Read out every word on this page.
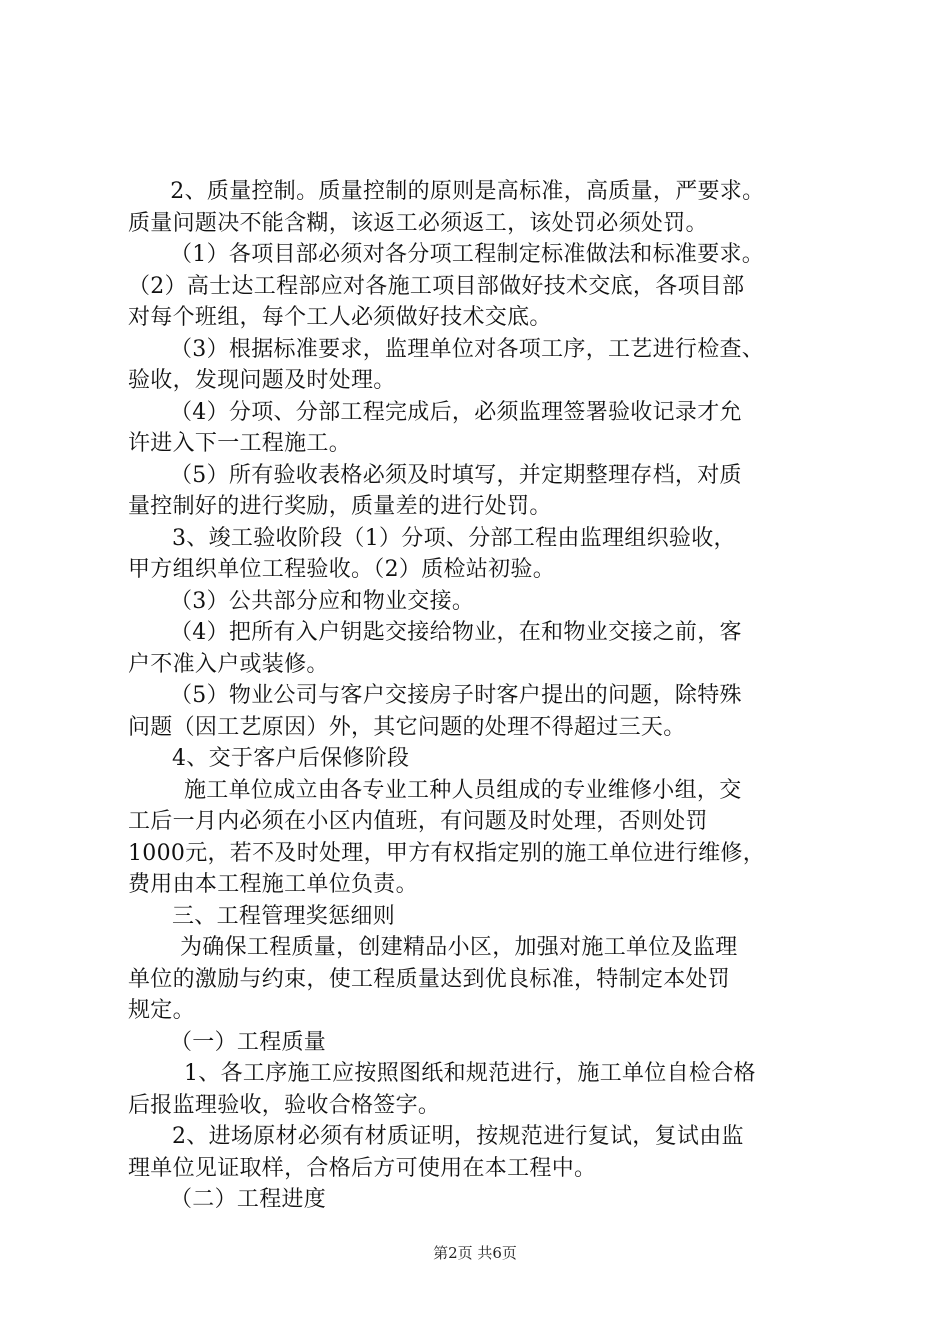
　2、质量控制。质量控制的原则是高标准，高质量，严要求。
质量问题决不能含糊，该返工必须返工，该处罚必须处罚。
（1）各项目部必须对各分项工程制定标准做法和标准要求。
（2）高士达工程部应对各施工项目部做好技术交底，各项目部
对每个班组，每个工人必须做好技术交底。
（3）根据标准要求，监理单位对各项工序，工艺进行检查、
验收，发现问题及时处理。
（4）分项、分部工程完成后，必须监理签署验收记录才允
许进入下一工程施工。
（5）所有验收表格必须及时填写，并定期整理存档，对质
量控制好的进行奖励，质量差的进行处罚。
3、竣工验收阶段（1）分项、分部工程由监理组织验收，
甲方组织单位工程验收。（2）质检站初验。
（3）公共部分应和物业交接。
（4）把所有入户钥匙交接给物业，在和物业交接之前，客
户不准入户或装修。
（5）物业公司与客户交接房子时客户提出的问题，除特殊
问题（因工艺原因）外，其它问题的处理不得超过三天。
4、交于客户后保修阶段
施工单位成立由各专业工种人员组成的专业维修小组，交
工后一月内必须在小区内值班，有问题及时处理，否则处罚
1000元，若不及时处理，甲方有权指定别的施工单位进行维修，
费用由本工程施工单位负责。
三、工程管理奖惩细则
为确保工程质量，创建精品小区，加强对施工单位及监理
单位的激励与约束，使工程质量达到优良标准，特制定本处罚
规定。
（一）工程质量
1、各工序施工应按照图纸和规范进行，施工单位自检合格
后报监理验收，验收合格签字。
2、进场原材必须有材质证明，按规范进行复试，复试由监
理单位见证取样，合格后方可使用在本工程中。
（二）工程进度
第2页 共6页
